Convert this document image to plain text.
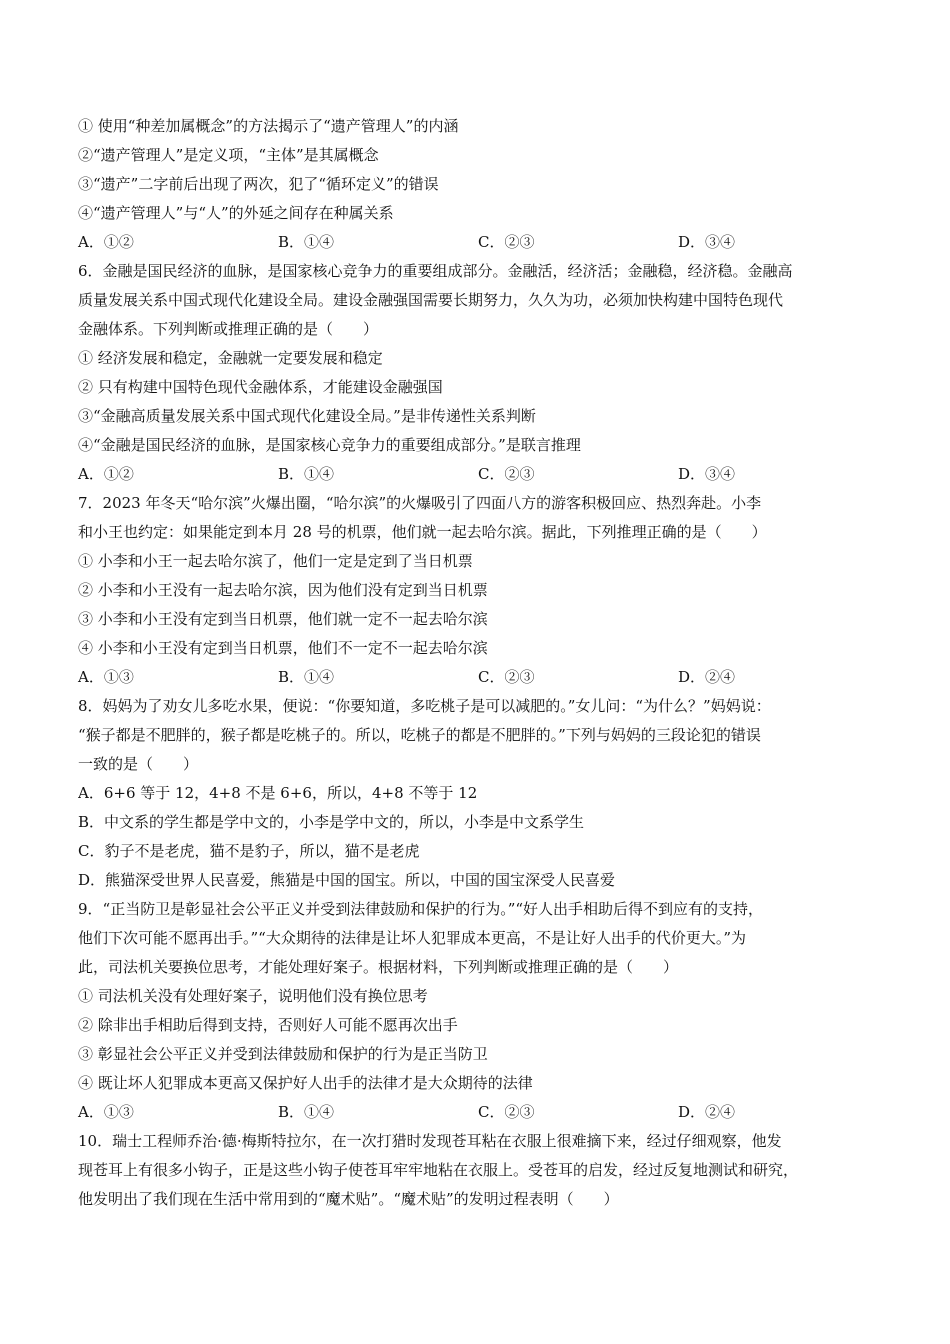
① 使用“种差加属概念”的方法揭示了“遗产管理人”的内涵
②“遗产管理人”是定义项，“主体”是其属概念
③“遗产”二字前后出现了两次，犯了“循环定义”的错误
④“遗产管理人”与“人”的外延之间存在种属关系
A．①②	B．①④	C．②③	D．③④
6．金融是国民经济的血脉，是国家核心竞争力的重要组成部分。金融活，经济活；金融稳，经济稳。金融高
质量发展关系中国式现代化建设全局。建设金融强国需要长期努力，久久为功，必须加快构建中国特色现代
金融体系。下列判断或推理正确的是（　　）
① 经济发展和稳定，金融就一定要发展和稳定
② 只有构建中国特色现代金融体系，才能建设金融强国
③“金融高质量发展关系中国式现代化建设全局。”是非传递性关系判断
④“金融是国民经济的血脉，是国家核心竞争力的重要组成部分。”是联言推理
A．①②	B．①④	C．②③	D．③④
7．2023 年冬天“哈尔滨”火爆出圈，“哈尔滨”的火爆吸引了四面八方的游客积极回应、热烈奔赴。小李
和小王也约定：如果能定到本月 28 号的机票，他们就一起去哈尔滨。据此，下列推理正确的是（　　）
① 小李和小王一起去哈尔滨了，他们一定是定到了当日机票
② 小李和小王没有一起去哈尔滨，因为他们没有定到当日机票
③ 小李和小王没有定到当日机票，他们就一定不一起去哈尔滨
④ 小李和小王没有定到当日机票，他们不一定不一起去哈尔滨
A．①③	B．①④	C．②③	D．②④
8．妈妈为了劝女儿多吃水果，便说：“你要知道，多吃桃子是可以减肥的。”女儿问：“为什么？”妈妈说：
“猴子都是不肥胖的，猴子都是吃桃子的。所以，吃桃子的都是不肥胖的。”下列与妈妈的三段论犯的错误
一致的是（　　）
A．6+6 等于 12，4+8 不是 6+6，所以，4+8 不等于 12
B．中文系的学生都是学中文的，小李是学中文的，所以，小李是中文系学生
C．豹子不是老虎，猫不是豹子，所以，猫不是老虎
D．熊猫深受世界人民喜爱，熊猫是中国的国宝。所以，中国的国宝深受人民喜爱
9．“正当防卫是彰显社会公平正义并受到法律鼓励和保护的行为。”“好人出手相助后得不到应有的支持，
他们下次可能不愿再出手。”“大众期待的法律是让坏人犯罪成本更高，不是让好人出手的代价更大。”为
此，司法机关要换位思考，才能处理好案子。根据材料，下列判断或推理正确的是（　　）
① 司法机关没有处理好案子，说明他们没有换位思考
② 除非出手相助后得到支持，否则好人可能不愿再次出手
③ 彰显社会公平正义并受到法律鼓励和保护的行为是正当防卫
④ 既让坏人犯罪成本更高又保护好人出手的法律才是大众期待的法律
A．①③	B．①④	C．②③	D．②④
10．瑞士工程师乔治·德·梅斯特拉尔，在一次打猎时发现苍耳粘在衣服上很难摘下来，经过仔细观察，他发
现苍耳上有很多小钩子，正是这些小钩子使苍耳牢牢地粘在衣服上。受苍耳的启发，经过反复地测试和研究，
他发明出了我们现在生活中常用到的“魔术贴”。“魔术贴”的发明过程表明（　　）
